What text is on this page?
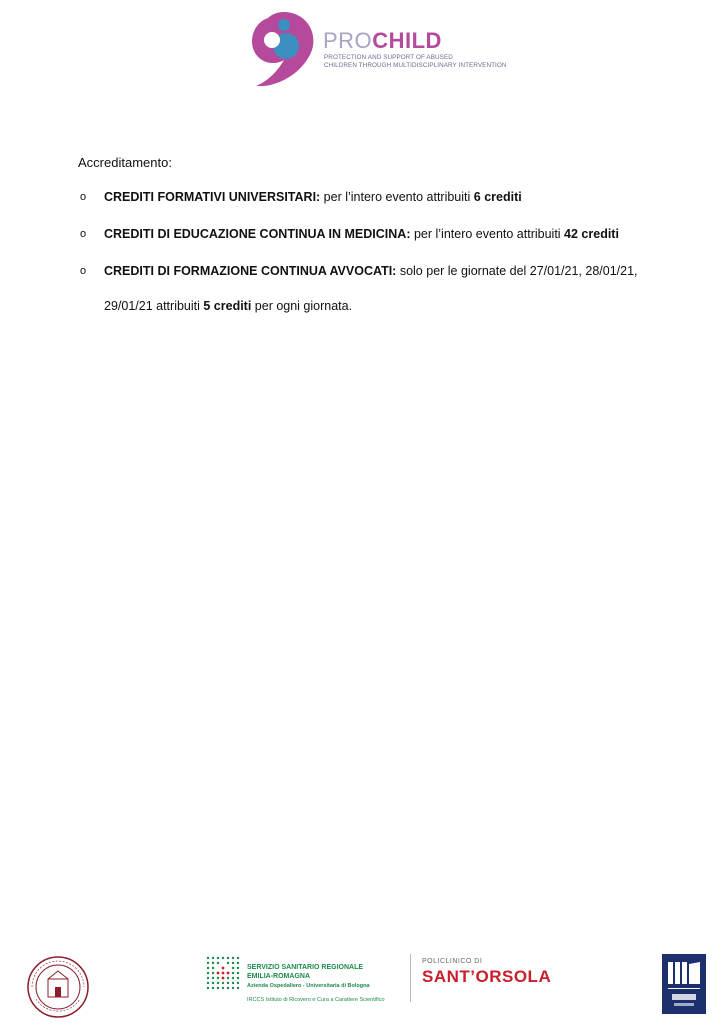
PROCHILD
PROTECTION AND SUPPORT OF ABUSED
CHILDREN THROUGH MULTIDISCIPLINARY INTERVENTION
Accreditamento:
o CREDITI FORMATIVI UNIVERSITARI: per l’intero evento attribuiti 6 crediti
o CREDITI DI EDUCAZIONE CONTINUA IN MEDICINA: per l’intero evento attribuiti 42 crediti
o CREDITI DI FORMAZIONE CONTINUA AVVOCATI: solo per le giornate del 27/01/21, 28/01/21,
29/01/21 attribuiti 5 crediti per ogni giornata.
SERVIZIO SANITARIO REGIONALE
EMILIA-ROMAGNA
Azienda Ospedaliero - Universitaria di Bologna
IRCCS Istituto di Ricovero e Cura a Carattere Scientifico
POLICLINICO DI
SANT’ORSOLA
